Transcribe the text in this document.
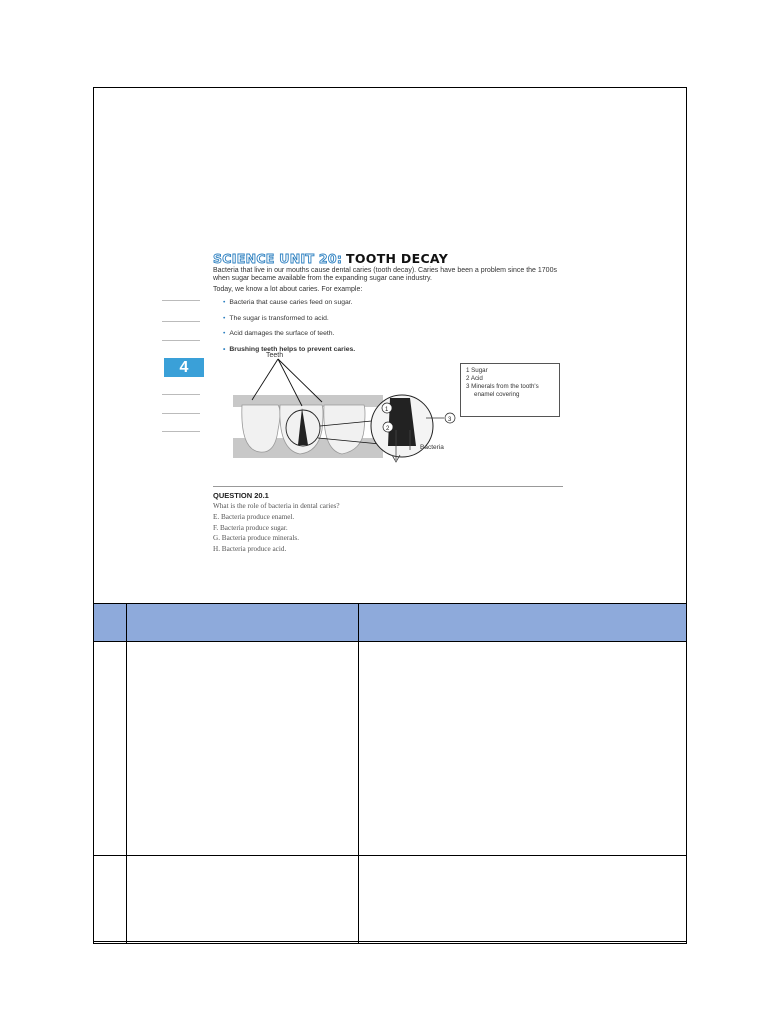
SCIENCE UNIT 20: TOOTH DECAY
Bacteria that live in our mouths cause dental caries (tooth decay). Caries have been a problem since the 1700s when sugar became available from the expanding sugar cane industry.
Today, we know a lot about caries. For example:
• Bacteria that cause caries feed on sugar.
• The sugar is transformed to acid.
• Acid damages the surface of teeth.
• Brushing teeth helps to prevent caries.
4
Teeth
1
2
3
Bacteria
1 Sugar
2 Acid
3 Minerals from the tooth's
enamel covering
QUESTION 20.1
What is the role of bacteria in dental caries?
E. Bacteria produce enamel.
F. Bacteria produce sugar.
G. Bacteria produce minerals.
H. Bacteria produce acid.
